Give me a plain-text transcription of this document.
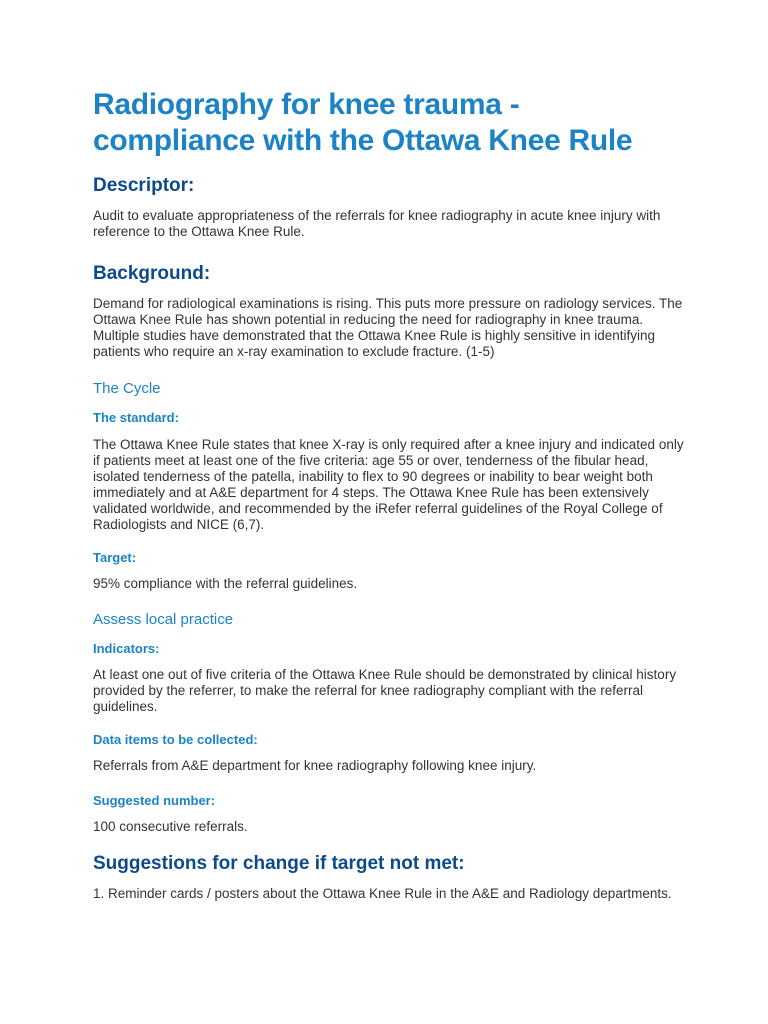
Radiography for knee trauma - compliance with the Ottawa Knee Rule
Descriptor:

Audit to evaluate appropriateness of the referrals for knee radiography in acute knee injury with reference to the Ottawa Knee Rule.

Background:

Demand for radiological examinations is rising. This puts more pressure on radiology services. The Ottawa Knee Rule has shown potential in reducing the need for radiography in knee trauma. Multiple studies have demonstrated that the Ottawa Knee Rule is highly sensitive in identifying patients who require an x-ray examination to exclude fracture. (1-5)

The Cycle
The standard:

The Ottawa Knee Rule states that knee X-ray is only required after a knee injury and indicated only if patients meet at least one of the five criteria: age 55 or over, tenderness of the fibular head, isolated tenderness of the patella, inability to flex to 90 degrees or inability to bear weight both immediately and at A&E department for 4 steps. The Ottawa Knee Rule has been extensively validated worldwide, and recommended by the iRefer referral guidelines of the Royal College of Radiologists and NICE (6,7).

Target:

95% compliance with the referral guidelines.

Assess local practice
Indicators:

At least one out of five criteria of the Ottawa Knee Rule should be demonstrated by clinical history provided by the referrer, to make the referral for knee radiography compliant with the referral guidelines.

Data items to be collected:

Referrals from A&E department for knee radiography following knee injury.

Suggested number:

100 consecutive referrals.

Suggestions for change if target not met:

1. Reminder cards / posters about the Ottawa Knee Rule in the A&E and Radiology departments.
